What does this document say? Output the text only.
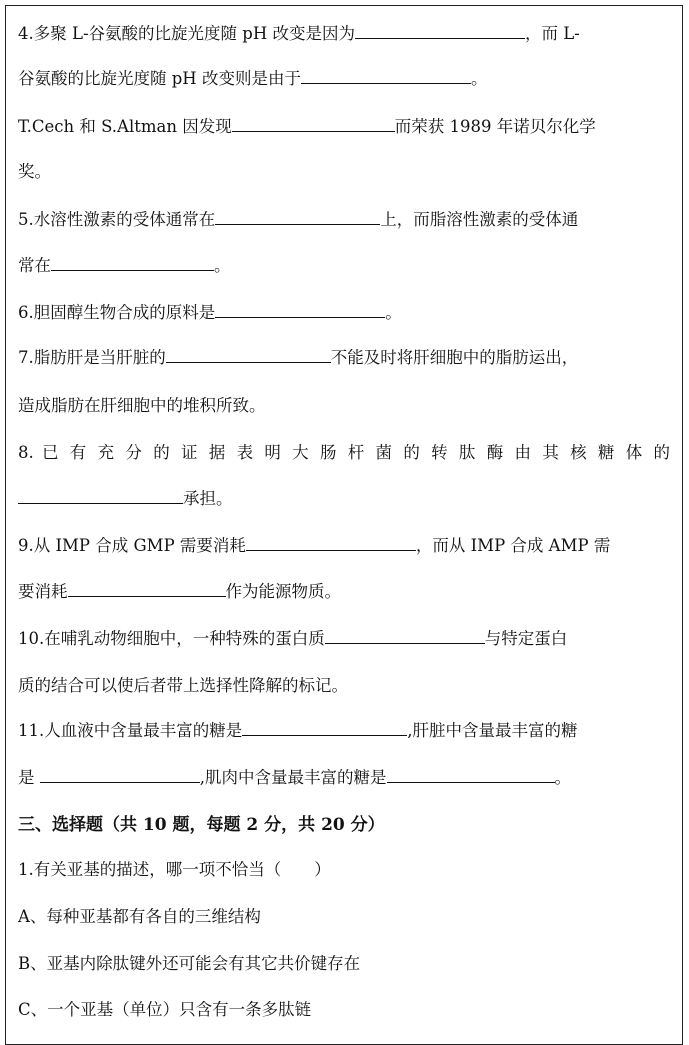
4.多聚 L-谷氨酸的比旋光度随 pH 改变是因为	，而 L-
谷氨酸的比旋光度随 pH 改变则是由于	。
T.Cech 和 S.Altman 因发现	而荣获 1989 年诺贝尔化学
奖。
5.水溶性激素的受体通常在	上，而脂溶性激素的受体通
常在	。
6.胆固醇生物合成的原料是	。
7.脂肪肝是当肝脏的	不能及时将肝细胞中的脂肪运出，
造成脂肪在肝细胞中的堆积所致。
8. 已 有 充 分 的 证 据 表 明 大 肠 杆 菌 的 转 肽 酶 由 其 核 糖 体 的
承担。
9.从 IMP 合成 GMP 需要消耗	，而从 IMP 合成 AMP 需
要消耗	作为能源物质。
10.在哺乳动物细胞中，一种特殊的蛋白质	与特定蛋白
质的结合可以使后者带上选择性降解的标记。
11.人血液中含量最丰富的糖是	,肝脏中含量最丰富的糖
是	,肌肉中含量最丰富的糖是	。
三、选择题（共 10 题，每题 2 分，共 20 分）
1.有关亚基的描述，哪一项不恰当（　　）
A、每种亚基都有各自的三维结构
B、亚基内除肽键外还可能会有其它共价键存在
C、一个亚基（单位）只含有一条多肽链
